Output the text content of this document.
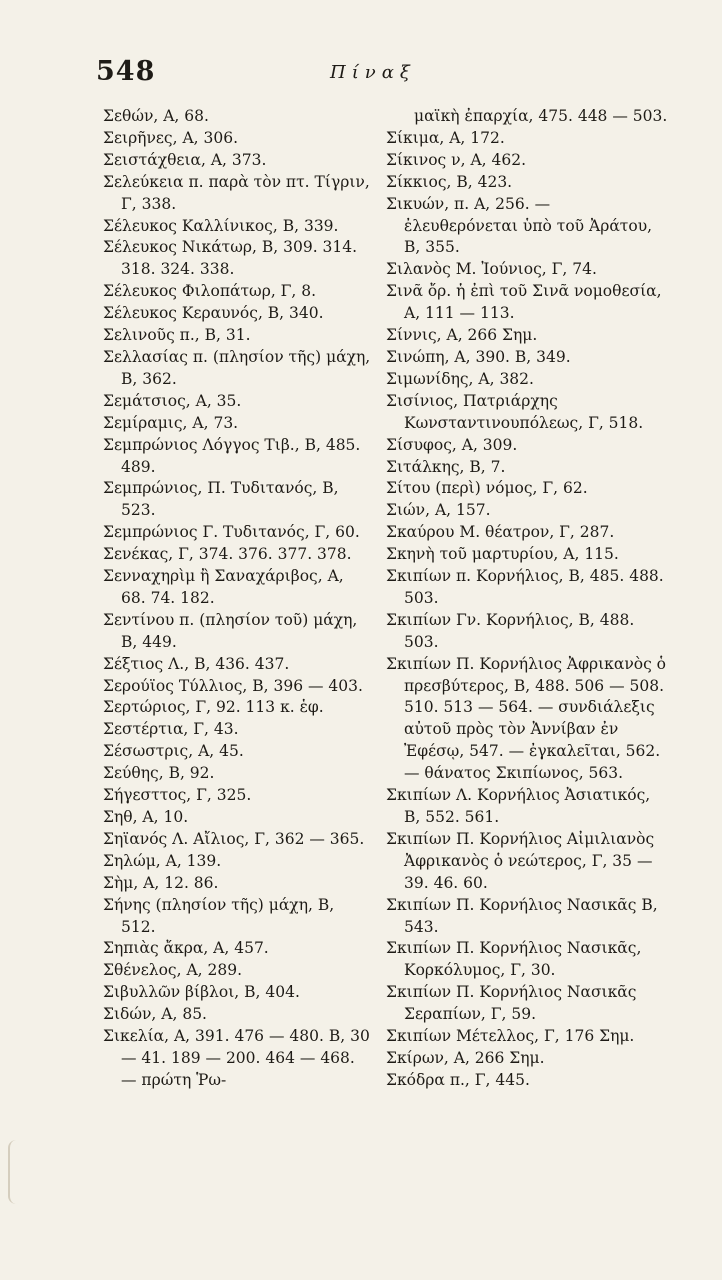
548	Πίναξ
Σεθών, Α, 68.
Σειρῆνες, Α, 306.
Σειστάχθεια, Α, 373.
Σελεύκεια π. παρὰ τὸν πτ. Τίγριν, Γ, 338.
Σέλευκος Καλλίνικος, Β, 339.
Σέλευκος Νικάτωρ, Β, 309. 314. 318. 324. 338.
Σέλευκος Φιλοπάτωρ, Γ, 8.
Σέλευκος Κεραυνός, Β, 340.
Σελινοῦς π., Β, 31.
Σελλασίας π. (πλησίον τῆς) μάχη, Β, 362.
Σεμάτσιος, Α, 35.
Σεμίραμις, Α, 73.
Σεμπρώνιος Λόγγος Τιβ., Β, 485. 489.
Σεμπρώνιος, Π. Τυδιτανός, Β, 523.
Σεμπρώνιος Γ. Τυδιτανός, Γ, 60.
Σενέκας, Γ, 374. 376. 377. 378.
Σενναχηρὶμ ἢ Σαναχάριβος, Α, 68. 74. 182.
Σεντίνου π. (πλησίον τοῦ) μάχη, Β, 449.
Σέξτιος Λ., Β, 436. 437.
Σερούϊος Τύλλιος, Β, 396 — 403.
Σερτώριος, Γ, 92. 113 κ. ἑφ.
Σεστέρτια, Γ, 43.
Σέσωστρις, Α, 45.
Σεύθης, Β, 92.
Σήγεσττος, Γ, 325.
Σηθ, Α, 10.
Σηϊανός Λ. Αἴλιος, Γ, 362 — 365.
Σηλώμ, Α, 139.
Σὴμ, Α, 12. 86.
Σήνης (πλησίον τῆς) μάχη, Β, 512.
Σηπιὰς ἄκρα, Α, 457.
Σθένελος, Α, 289.
Σιβυλλῶν βίβλοι, Β, 404.
Σιδών, Α, 85.
Σικελία, Α, 391. 476 — 480. Β, 30 — 41. 189 — 200. 464 — 468. — πρώτη Ῥω-
μαϊκὴ ἐπαρχία, 475. 448 — 503.
Σίκιμα, Α, 172.
Σίκινος ν, Α, 462.
Σίκκιος, Β, 423.
Σικυών, π. Α, 256. — ἐλευθερόνεται ὑπὸ τοῦ Ἀράτου, Β, 355.
Σιλανὸς Μ. Ἰούνιος, Γ, 74.
Σινᾶ ὄρ. ἡ ἐπὶ τοῦ Σινᾶ νομοθεσία, Α, 111 — 113.
Σίννις, Α, 266 Σημ.
Σινώπη, Α, 390. Β, 349.
Σιμωνίδης, Α, 382.
Σισίνιος, Πατριάρχης Κωνσταντινουπόλεως, Γ, 518.
Σίσυφος, Α, 309.
Σιτάλκης, Β, 7.
Σίτου (περὶ) νόμος, Γ, 62.
Σιών, Α, 157.
Σκαύρου Μ. θέατρον, Γ, 287.
Σκηνὴ τοῦ μαρτυρίου, Α, 115.
Σκιπίων π. Κορνήλιος, Β, 485. 488. 503.
Σκιπίων Γν. Κορνήλιος, Β, 488. 503.
Σκιπίων Π. Κορνήλιος Ἀφρικανὸς ὁ πρεσβύτερος, Β, 488. 506 — 508. 510. 513 — 564. — συνδιάλεξις αὐτοῦ πρὸς τὸν Ἀννίβαν ἐν Ἐφέσῳ, 547. — ἐγκαλεῖται, 562. — θάνατος Σκιπίωνος, 563.
Σκιπίων Λ. Κορνήλιος Ἀσιατικός, Β, 552. 561.
Σκιπίων Π. Κορνήλιος Αἰμιλιανὸς Ἀφρικανὸς ὁ νεώτερος, Γ, 35 — 39. 46. 60.
Σκιπίων Π. Κορνήλιος Νασικᾶς Β, 543.
Σκιπίων Π. Κορνήλιος Νασικᾶς, Κορκόλυμος, Γ, 30.
Σκιπίων Π. Κορνήλιος Νασικᾶς Σεραπίων, Γ, 59.
Σκιπίων Μέτελλος, Γ, 176 Σημ.
Σκίρων, Α, 266 Σημ.
Σκόδρα π., Γ, 445.
